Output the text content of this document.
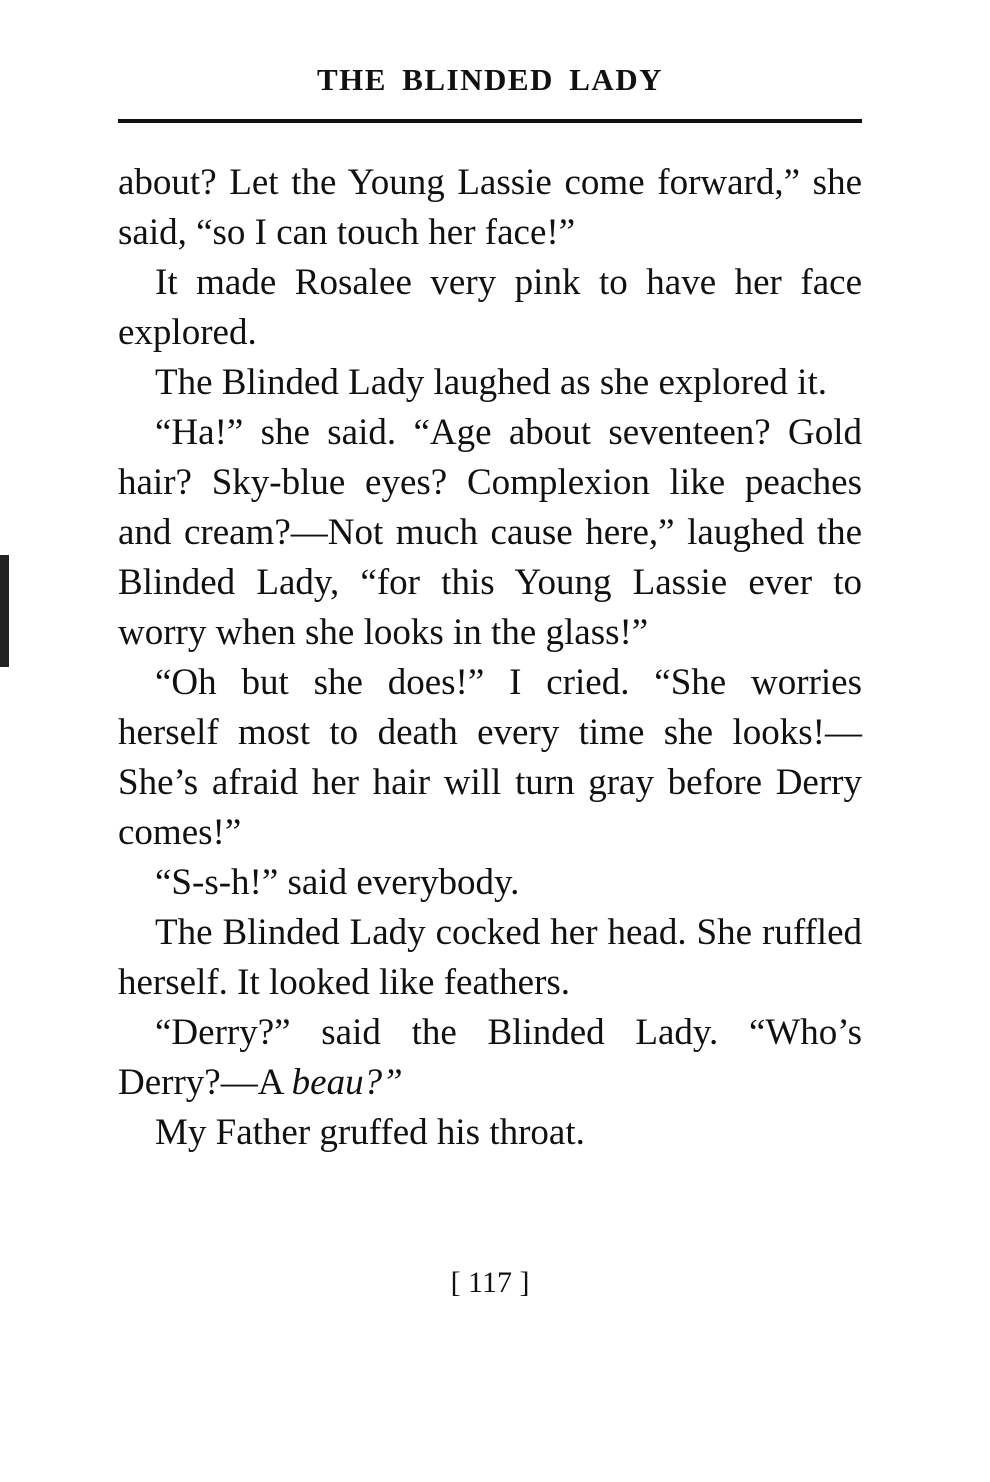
THE BLINDED LADY

about? Let the Young Lassie come forward,” she said, “so I can touch her face!”

It made Rosalee very pink to have her face explored.

The Blinded Lady laughed as she explored it.

“Ha!” she said. “Age about seventeen? Gold hair? Sky-blue eyes? Complexion like peaches and cream?—Not much cause here,” laughed the Blinded Lady, “for this Young Lassie ever to worry when she looks in the glass!”

“Oh but she does!” I cried. “She worries herself most to death every time she looks!—She’s afraid her hair will turn gray before Derry comes!”

“S-s-h!” said everybody.

The Blinded Lady cocked her head. She ruffled herself. It looked like feathers.

“Derry?” said the Blinded Lady. “Who’s Derry?—A beau?”

My Father gruffed his throat.

[ 117 ]
